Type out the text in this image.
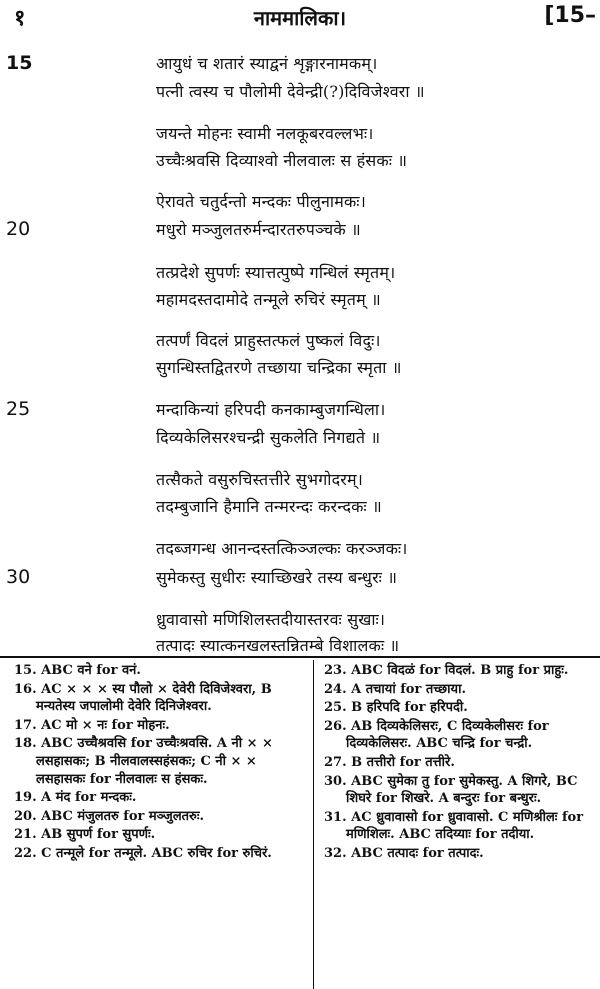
१	नाममालिका।	[15–
15
20
25
30
आयुधं च शतारं स्याद्वनं शृङ्गारनामकम्।
पत्नी त्वस्य च पौलोमी देवेन्द्री(?)दिविजेश्वरा ॥
जयन्ते मोहनः स्वामी नलकूबरवल्लभः।
उच्चैःश्रवसि दिव्याश्वो नीलवालः स हंसकः ॥
ऐरावते चतुर्दन्तो मन्दकः पीलुनामकः।
मधुरो मञ्जुलतरुर्मन्दारतरुपञ्चके ॥
तत्प्रदेशे सुपर्णः स्यात्तत्पुष्पे गन्धिलं स्मृतम्।
महामदस्तदामोदे तन्मूले रुचिरं स्मृतम् ॥
तत्पर्णं विदलं प्राहुस्तत्फलं पुष्कलं विदुः।
सुगन्धिस्तद्वितरणे तच्छाया चन्द्रिका स्मृता ॥
मन्दाकिन्यां हरिपदी कनकाम्बुजगन्धिला।
दिव्यकेलिसरश्चन्द्री सुकलेति निगद्यते ॥
तत्सैकते वसुरुचिस्तत्तीरे सुभगोदरम्।
तदम्बुजानि हैमानि तन्मरन्दः करन्दकः ॥
तदब्जगन्ध आनन्दस्तत्किञ्जल्कः करञ्जकः।
सुमेकस्तु सुधीरः स्याच्छिखरे तस्य बन्धुरः ॥
ध्रुवावासो मणिशिलस्तदीयास्तरवः सुखाः।
तत्पादः स्यात्कनखलस्तन्नितम्बे विशालकः ॥

15. ABC वने for वनं.

16. AC × × × स्य पौलो × देवेरी दिविजेश्वरा, B मन्यतेस्य जपालोमी देवेरि दिनिजेश्वरा.

17. AC मो × नः for मोहनः.

18. ABC उच्चैश्रवसि for उच्चैःश्रवसि. A नी × × लसहासकः; B नीलवालस्सहंसकः; C नी × × लसहासकः for नीलवालः स हंसकः.

19. A मंद for मन्दकः.

20. ABC मंजुलतरु for मञ्जुलतरुः.

21. AB सुपर्ण for सुपर्णः.

22. C तन्मूले for तन्मूले. ABC रुचिर for रुचिरं.

23. ABC विदळं for विदलं. B प्राहु for प्राहुः.

24. A तचायां for तच्छाया.

25. B हरिपदि for हरिपदी.

26. AB दिव्यकेलिसरः, C दिव्यकेलीसरः for दिव्यकेलिसरः. ABC चन्द्रि for चन्द्री.

27. B तत्तीरो for तत्तीरे.

30. ABC सुमेका तु for सुमेकस्तु. A शिगरे, BC शिघरे for शिखरे. A बन्दुरः for बन्धुरः.

31. AC ध्रुवावासो for ध्रुवावासो. C मणिश्रीलः for मणिशिलः. ABC तदिय्याः for तदीया.

32. ABC तत्पादः for तत्पादः.
